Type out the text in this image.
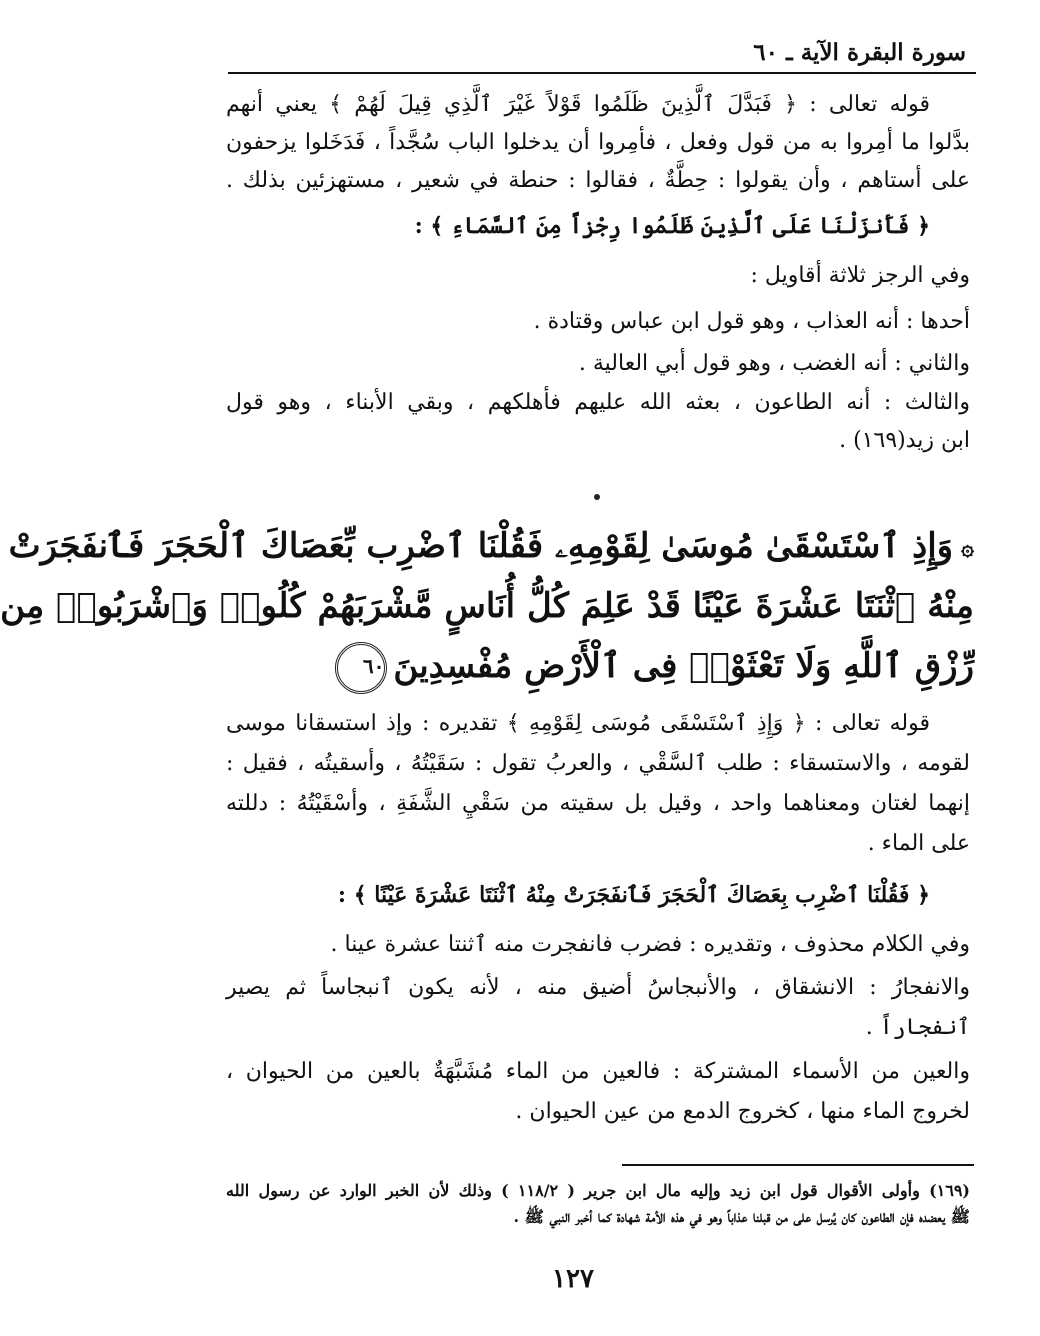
سورة البقرة الآية ـ ٦٠
قوله تعالى : ﴿ فَبَدَّلَ ٱلَّذِينَ ظَلَمُوا قَوْلاً غَيْرَ ٱلَّذِي قِيلَ لَهُمْ ﴾ يعني أنهم
بدَّلوا ما أمِروا به من قول وفعل ، فأمِروا أن يدخلوا الباب سُجَّداً ، فَدَخَلوا يزحفون
على أستاهم ، وأن يقولوا : حِطَّةٌ ، فقالوا : حنطة في شعير ، مستهزئين بذلك .
﴿ فَأَنزَلْنَا عَلَى ٱلَّذِينَ ظَلَمُوا رِجْزاً مِنَ ٱلسَّمَاءِ ﴾ :
وفي الرجز ثلاثة أقاويل :
أحدها : أنه العذاب ، وهو قول ابن عباس وقتادة .
والثاني : أنه الغضب ، وهو قول أبي العالية .
والثالث : أنه الطاعون ، بعثه الله عليهم فأهلكهم ، وبقي الأبناء ، وهو قول
ابن زيد(١٦٩) .
۞وَإِذِ ٱسْتَسْقَىٰ مُوسَىٰ لِقَوْمِهِۦ فَقُلْنَا ٱضْرِب بِّعَصَاكَ ٱلْحَجَرَ فَٱنفَجَرَتْ
مِنْهُ ٱثْنَتَا عَشْرَةَ عَيْنًا قَدْ عَلِمَ كُلُّ أُنَاسٍ مَّشْرَبَهُمْ كُلُوا۟ وَٱشْرَبُوا۟ مِن
رِّزْقِ ٱللَّهِ وَلَا تَعْثَوْا۟ فِى ٱلْأَرْضِ مُفْسِدِينَ٦٠
قوله تعالى : ﴿ وَإِذِ ٱسْتَسْقَى مُوسَى لِقَوْمِهِ ﴾ تقديره : وإذ استسقانا موسى
لقومه ، والاستسقاء : طلب ٱلسَّقْي ، والعربُ تقول : سَقَيْتُهُ ، وأسقيتُه ، فقيل :
إنهما لغتان ومعناهما واحد ، وقيل بل سقيته من سَقْيِ الشَّفَةِ ، وأسْقَيْتُهُ : دللته
على الماء .
﴿ فَقُلْنَا ٱضْرِب بِعَصَاكَ ٱلْحَجَرَ فَٱنفَجَرَتْ مِنْهُ ٱثْنَتَا عَشْرَةَ عَيْنًا ﴾ :
وفي الكلام محذوف ، وتقديره : فضرب فانفجرت منه ٱثنتا عشرة عينا .
والانفجارُ : الانشقاق ، والأنبجاسُ أضيق منه ، لأنه يكون ٱنبجاساً ثم يصير
ٱنفجاراً .
والعين من الأسماء المشتركة : فالعين من الماء مُشَبَّهَةٌ بالعين من الحيوان ،
لخروج الماء منها ، كخروج الدمع من عين الحيوان .
(١٦٩) وأولى الأقوال قول ابن زيد وإليه مال ابن جرير ( ١١٨/٢ ) وذلك لأن الخبر الوارد عن رسول الله
ﷺ يعضده فإن الطاعون كان يُرسل على من قبلنا عذاباً وهو في هذه الأمة شهادة كما أخبر النبي ﷺ .
١٢٧
